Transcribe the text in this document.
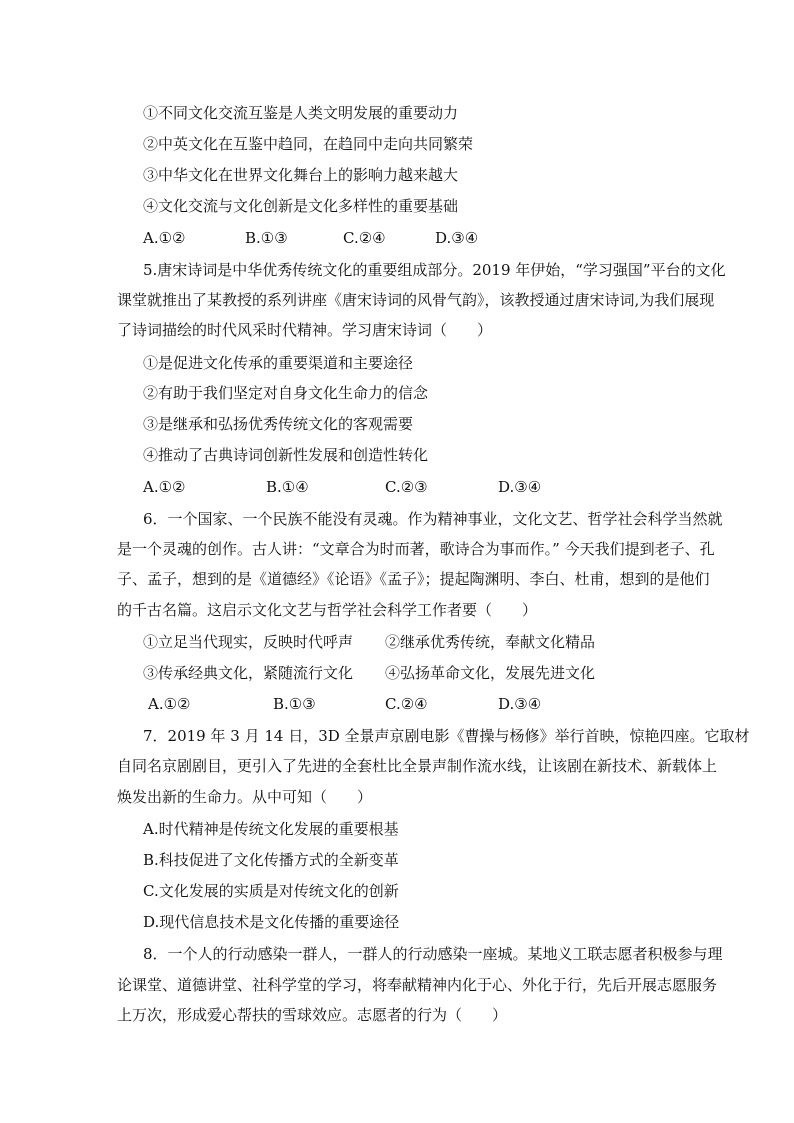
①不同文化交流互鉴是人类文明发展的重要动力
②中英文化在互鉴中趋同，在趋同中走向共同繁荣
③中华文化在世界文化舞台上的影响力越来越大
④文化交流与文化创新是文化多样性的重要基础
A.①②	B.①③	C.②④	D.③④
5.唐宋诗词是中华优秀传统文化的重要组成部分。2019 年伊始，“学习强国”平台的文化
课堂就推出了某教授的系列讲座《唐宋诗词的风骨气韵》，该教授通过唐宋诗词,为我们展现
了诗词描绘的时代风采时代精神。学习唐宋诗词（　　）
①是促进文化传承的重要渠道和主要途径
②有助于我们坚定对自身文化生命力的信念
③是继承和弘扬优秀传统文化的客观需要
④推动了古典诗词创新性发展和创造性转化
A.①②	B.①④	C.②③	D.③④
6．一个国家、一个民族不能没有灵魂。作为精神事业，文化文艺、哲学社会科学当然就
是一个灵魂的创作。古人讲：“文章合为时而著，歌诗合为事而作。” 今天我们提到老子、孔
子、孟子，想到的是《道德经》《论语》《孟子》；提起陶渊明、李白、杜甫，想到的是他们
的千古名篇。这启示文化文艺与哲学社会科学工作者要（　　）
①立足当代现实，反映时代呼声 ②继承优秀传统，奉献文化精品
③传承经典文化，紧随流行文化 ④弘扬革命文化，发展先进文化
A.①②	B.①③	C.②④	D.③④
7．2019 年 3 月 14 日，3D 全景声京剧电影《曹操与杨修》举行首映，惊艳四座。它取材
自同名京剧剧目，更引入了先进的全套杜比全景声制作流水线，让该剧在新技术、新载体上
焕发出新的生命力。从中可知（　　）
A.时代精神是传统文化发展的重要根基
B.科技促进了文化传播方式的全新变革
C.文化发展的实质是对传统文化的创新
D.现代信息技术是文化传播的重要途径
8．一个人的行动感染一群人，一群人的行动感染一座城。某地义工联志愿者积极参与理
论课堂、道德讲堂、社科学堂的学习，将奉献精神内化于心、外化于行，先后开展志愿服务
上万次，形成爱心帮扶的雪球效应。志愿者的行为（　　）
